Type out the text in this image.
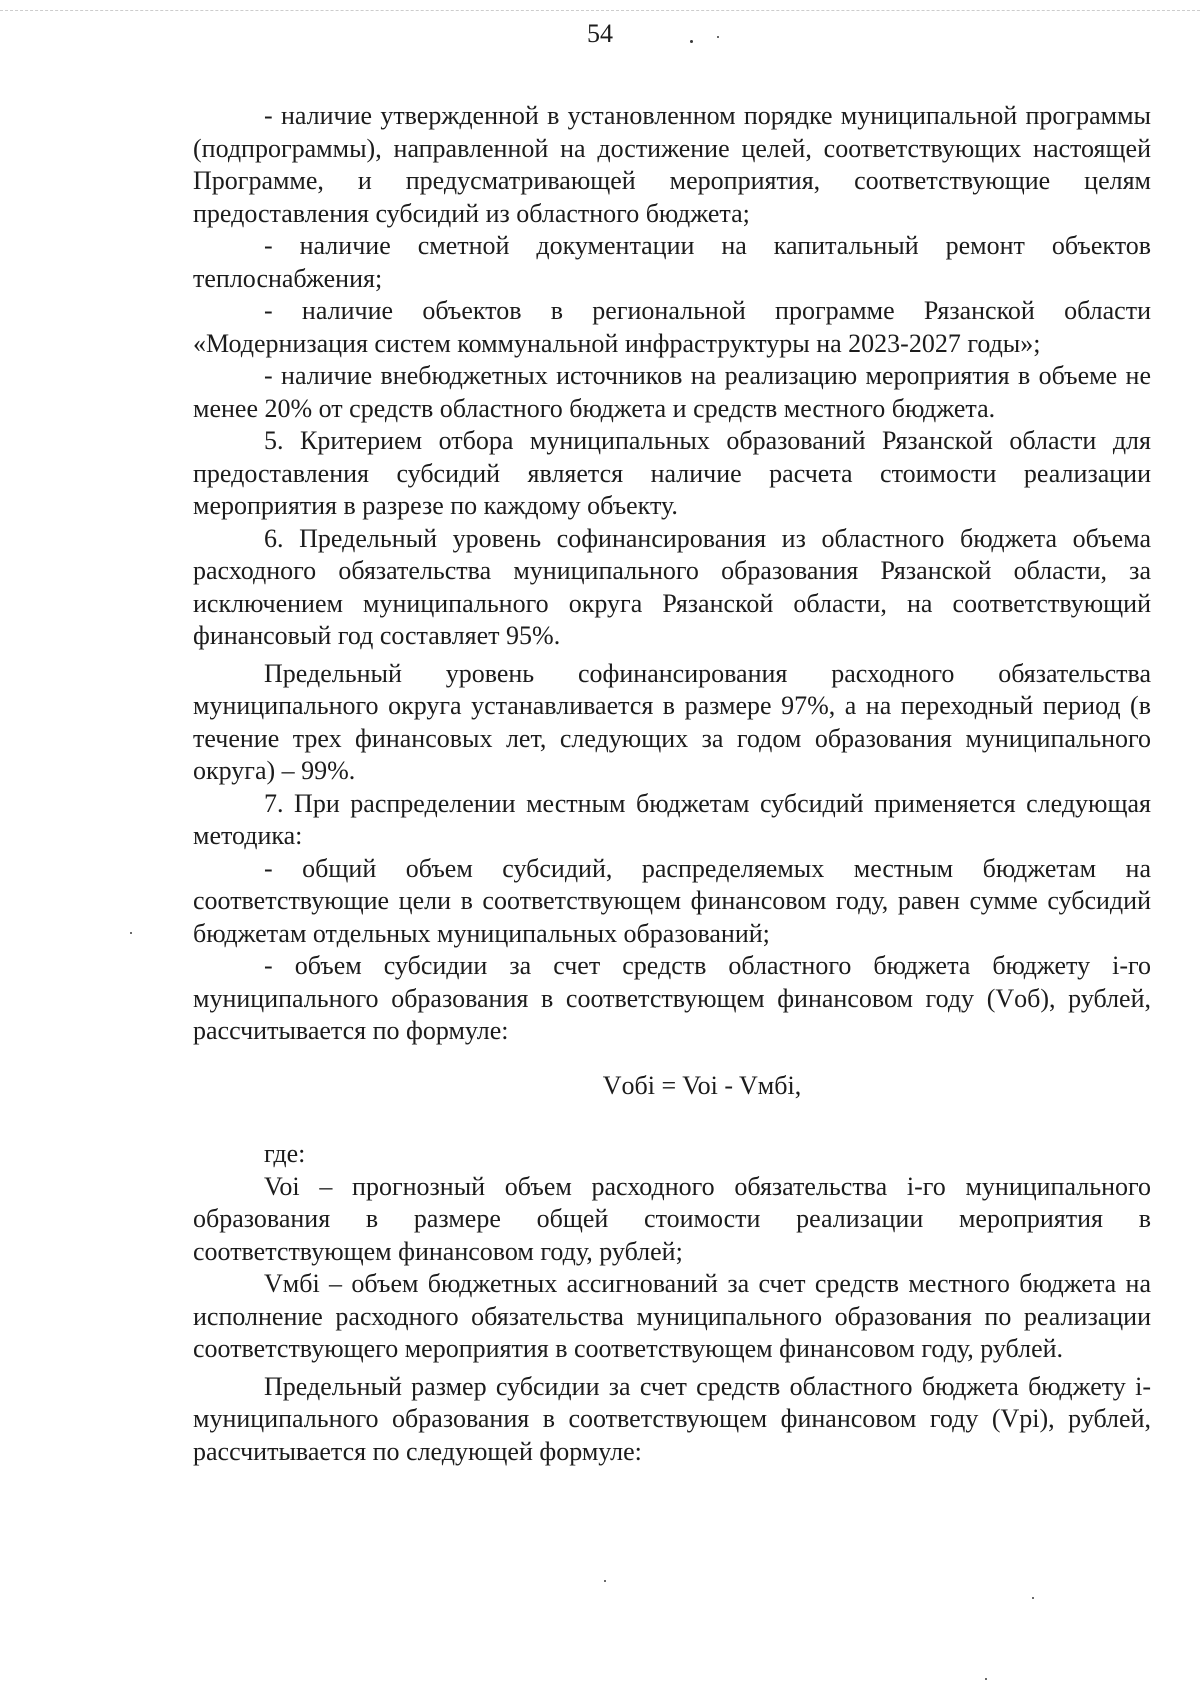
54

- наличие утвержденной в установленном порядке муниципальной программы (подпрограммы), направленной на достижение целей, соответствующих настоящей Программе, и предусматривающей мероприятия, соответствующие целям предоставления субсидий из областного бюджета;

- наличие сметной документации на капитальный ремонт объектов теплоснабжения;

- наличие объектов в региональной программе Рязанской области «Модернизация систем коммунальной инфраструктуры на 2023-2027 годы»;

- наличие внебюджетных источников на реализацию мероприятия в объеме не менее 20% от средств областного бюджета и средств местного бюджета.

5. Критерием отбора муниципальных образований Рязанской области для предоставления субсидий является наличие расчета стоимости реализации мероприятия в разрезе по каждому объекту.

6. Предельный уровень софинансирования из областного бюджета объема расходного обязательства муниципального образования Рязанской области, за исключением муниципального округа Рязанской области, на соответствующий финансовый год составляет 95%.

Предельный уровень софинансирования расходного обязательства муниципального округа устанавливается в размере 97%, а на переходный период (в течение трех финансовых лет, следующих за годом образования муниципального округа) – 99%.

7. При распределении местным бюджетам субсидий применяется следующая методика:

- общий объем субсидий, распределяемых местным бюджетам на соответствующие цели в соответствующем финансовом году, равен сумме субсидий бюджетам отдельных муниципальных образований;

- объем субсидии за счет средств областного бюджета бюджету i-го муниципального образования в соответствующем финансовом году (Vоб), рублей, рассчитывается по формуле:

Vобi = Voi - Vмбi,

где:

Voi – прогнозный объем расходного обязательства i-го муниципального образования в размере общей стоимости реализации мероприятия в соответствующем финансовом году, рублей;

Vмбi – объем бюджетных ассигнований за счет средств местного бюджета на исполнение расходного обязательства муниципального образования по реализации соответствующего мероприятия в соответствующем финансовом году, рублей.

Предельный размер субсидии за счет средств областного бюджета бюджету i-муниципального образования в соответствующем финансовом году (Vpi), рублей, рассчитывается по следующей формуле:
